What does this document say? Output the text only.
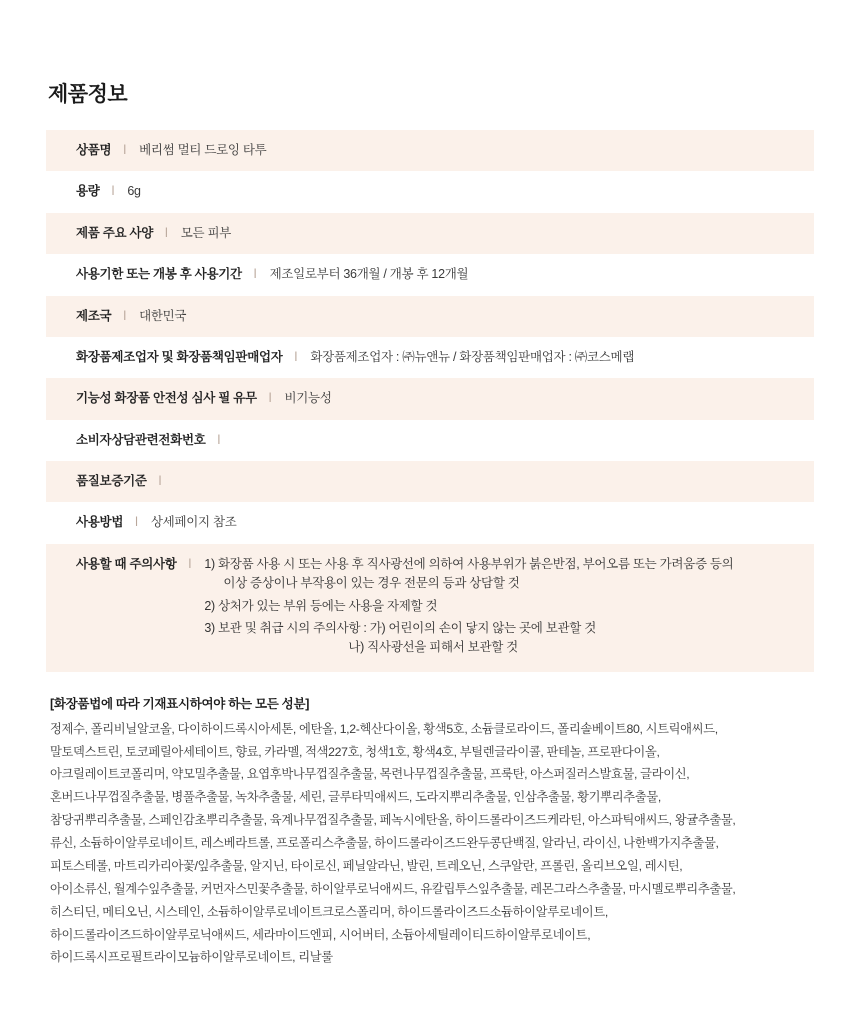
제품정보
상품명 l	베리썸 멀티 드로잉 타투

용량 l	6g

제품 주요 사양 l	모든 피부

사용기한 또는 개봉 후 사용기간 l	제조일로부터 36개월 / 개봉 후 12개월

제조국 l	대한민국

화장품제조업자 및 화장품책임판매업자 l	화장품제조업자 : ㈜뉴앤뉴 / 화장품책임판매업자 : ㈜코스메랩

기능성 화장품 안전성 심사 필 유무 l	비기능성

소비자상담관련전화번호 l

품질보증기준 l

사용방법 l	상세페이지 참조

사용할 때 주의사항 l	1) 화장품 사용 시 또는 사용 후 직사광선에 의하여 사용부위가 붉은반점, 부어오름 또는 가려움증 등의
이상 증상이나 부작용이 있는 경우 전문의 등과 상담할 것
2) 상처가 있는 부위 등에는 사용을 자제할 것
3) 보관 및 취급 시의 주의사항 : 가) 어린이의 손이 닿지 않는 곳에 보관할 것
나) 직사광선을 피해서 보관할 것
[화장품법에 따라 기재표시하여야 하는 모든 성분]

정제수, 폴리비닐알코올, 다이하이드록시아세톤, 에탄올, 1,2-헥산다이올, 황색5호, 소듐클로라이드, 폴리솔베이트80, 시트릭애씨드,

말토덱스트린, 토코페릴아세테이트, 향료, 카라멜, 적색227호, 청색1호, 황색4호, 부틸렌글라이콜, 판테놀, 프로판다이올,

아크릴레이트코폴리머, 약모밀추출물, 요엽후박나무껍질추출물, 목련나무껍질추출물, 프룩탄, 아스퍼질러스발효물, 글라이신,

혼버드나무껍질추출물, 병풀추출물, 녹차추출물, 세린, 글루타믹애씨드, 도라지뿌리추출물, 인삼추출물, 황기뿌리추출물,

참당귀뿌리추출물, 스페인감초뿌리추출물, 육계나무껍질추출물, 페녹시에탄올, 하이드롤라이즈드케라틴, 아스파틱애씨드, 왕귤추출물,

류신, 소듐하이알루로네이트, 레스베라트롤, 프로폴리스추출물, 하이드롤라이즈드완두콩단백질, 알라닌, 라이신, 나한백가지추출물,

피토스테롤, 마트리카리아꽃/잎추출물, 알지닌, 타이로신, 페닐알라닌, 발린, 트레오닌, 스쿠알란, 프롤린, 올리브오일, 레시틴,

아이소류신, 월계수잎추출물, 커먼자스민꽃추출물, 하이알루로닉애씨드, 유칼립투스잎추출물, 레몬그라스추출물, 마시멜로뿌리추출물,

히스티딘, 메티오닌, 시스테인, 소듐하이알루로네이트크로스폴리머, 하이드롤라이즈드소듐하이알루로네이트,

하이드롤라이즈드하이알루로닉애씨드, 세라마이드엔피, 시어버터, 소듐아세틸레이티드하이알루로네이트,

하이드록시프로필트라이모늄하이알루로네이트, 리날룰
